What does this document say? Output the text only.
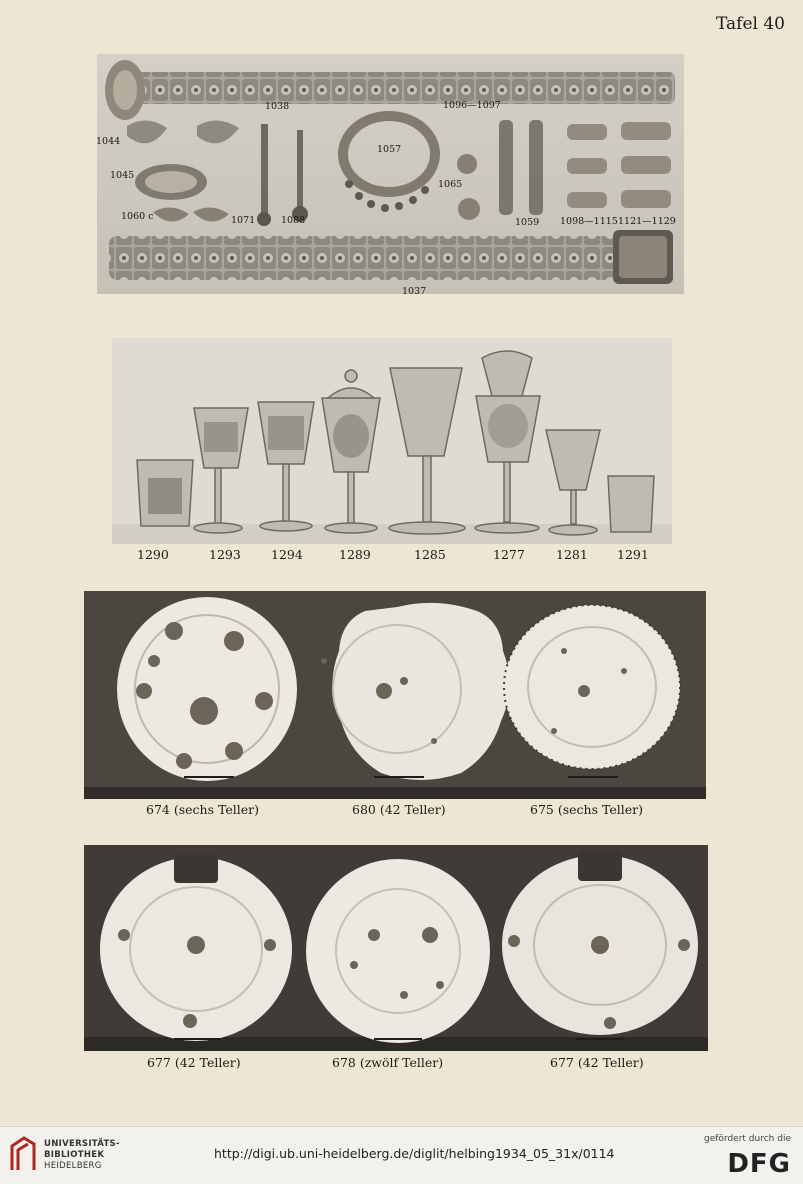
Tafel 40
1038	1096—1097
1044
1057
1045
1065
1060 c	1071	1088	1059 1098—1115 1121—1129
1037
1290	1293 1294	1289	1285	1277 1281 1291
674 (sechs Teller)	680 (42 Teller)	675 (sechs Teller)
677 (42 Teller)	678 (zwölf Teller)	677 (42 Teller)
UNIVERSITÄTS-
BIBLIOTHEK
HEIDELBERG
http://digi.ub.uni-heidelberg.de/diglit/helbing1934_05_31x/0114
gefördert durch die
DFG
